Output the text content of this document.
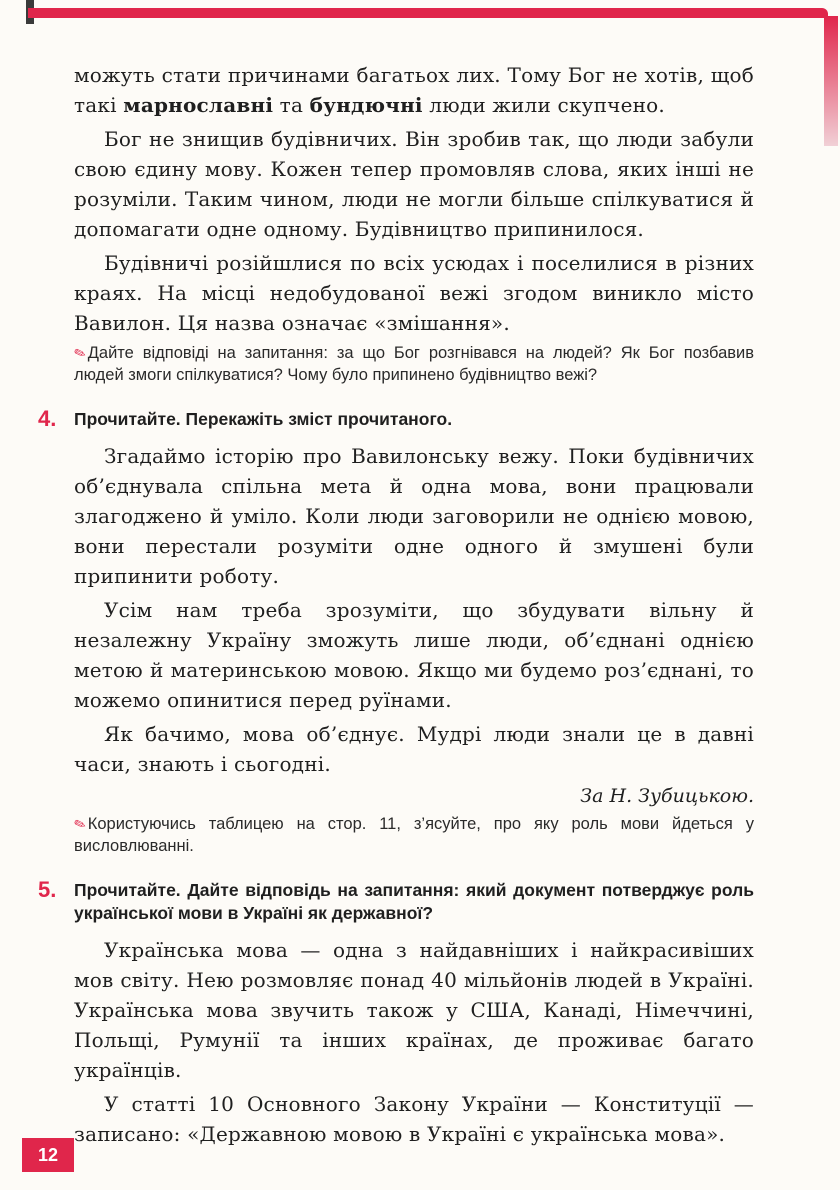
можуть стати причинами багатьох лих. Тому Бог не хотів, щоб такі марнославні та бундючні люди жили скупчено.

Бог не знищив будівничих. Він зробив так, що люди забули свою єдину мову. Кожен тепер промовляв слова, яких інші не розуміли. Таким чином, люди не могли більше спілкуватися й допомагати одне одному. Будівництво припинилося.

Будівничі розійшлися по всіх усюдах і поселилися в різних краях. На місці недобудованої вежі згодом виникло місто Вавилон. Ця назва означає «змішання».

✎Дайте відповіді на запитання: за що Бог розгнівався на людей? Як Бог позбавив людей змоги спілкуватися? Чому було припинено будівництво вежі?

4. Прочитайте. Перекажіть зміст прочитаного.

Згадаймо історію про Вавилонську вежу. Поки будівничих об’єднувала спільна мета й одна мова, вони працювали злагоджено й уміло. Коли люди заговорили не однією мовою, вони перестали розуміти одне одного й змушені були припинити роботу.

Усім нам треба зрозуміти, що збудувати вільну й незалежну Україну зможуть лише люди, об’єднані однією метою й материнською мовою. Якщо ми будемо роз’єднані, то можемо опинитися перед руїнами.

Як бачимо, мова об’єднує. Мудрі люди знали це в давні часи, знають і сьогодні.

За Н. Зубицькою.

✎Користуючись таблицею на стор. 11, з’ясуйте, про яку роль мови йдеться у висловлюванні.

5. Прочитайте. Дайте відповідь на запитання: який документ потверджує роль української мови в Україні як державної?

Українська мова — одна з найдавніших і найкрасивіших мов світу. Нею розмовляє понад 40 мільйонів людей в Україні. Українська мова звучить також у США, Канаді, Німеччині, Польщі, Румунії та інших країнах, де проживає багато українців.

У статті 10 Основного Закону України — Конституції — записано: «Державною мовою в Україні є українська мова».

12
